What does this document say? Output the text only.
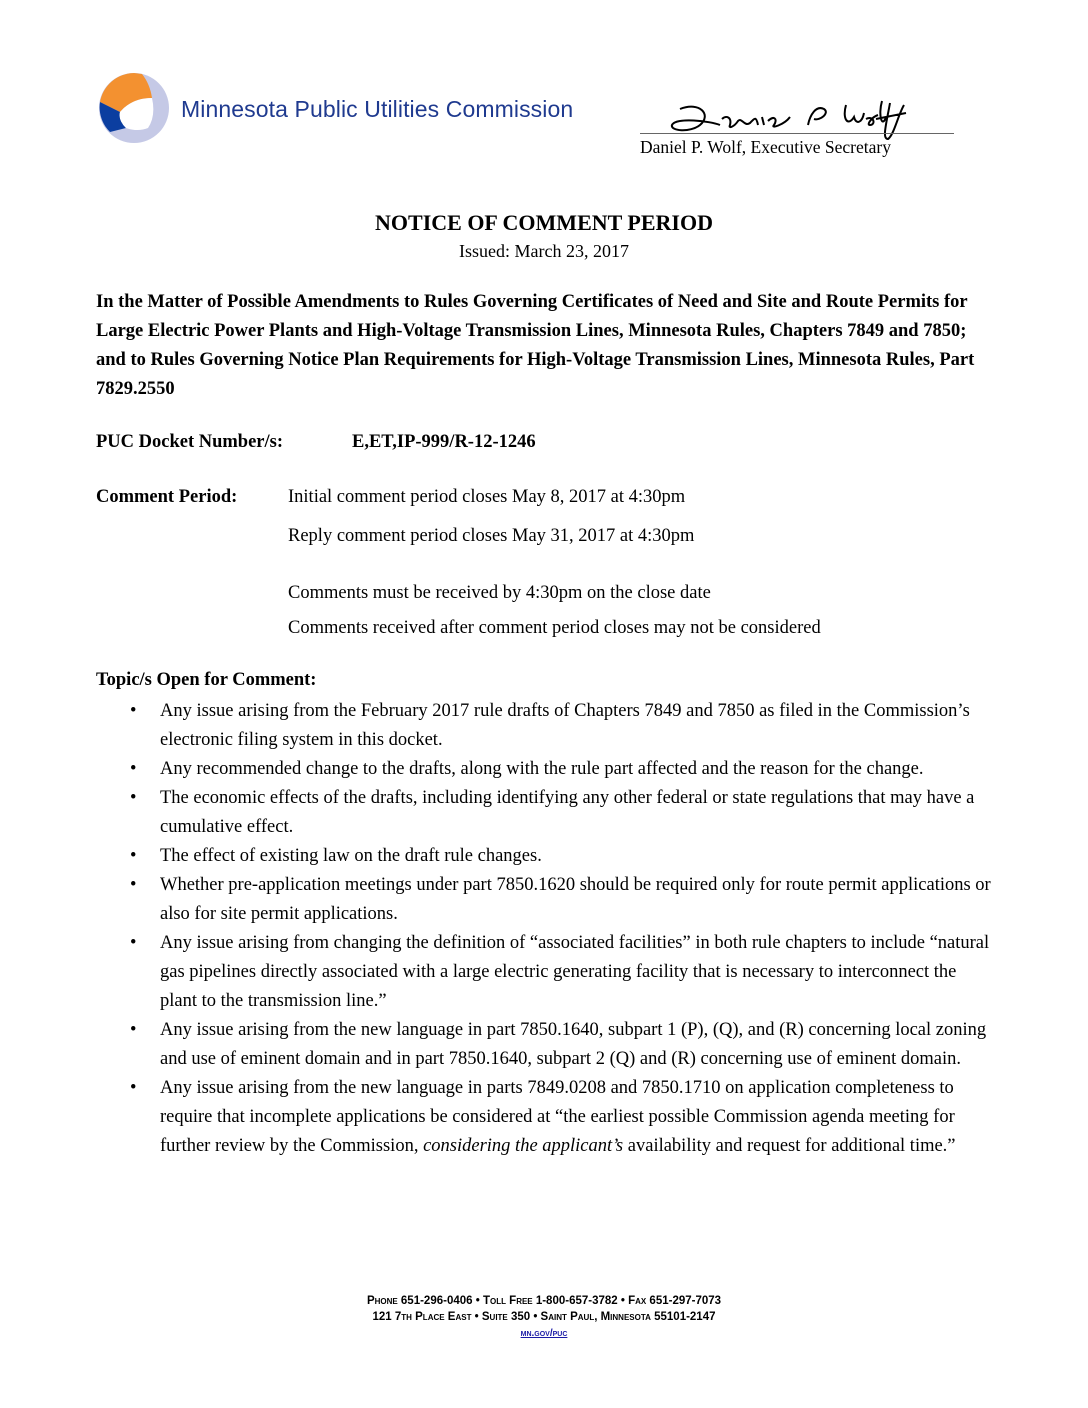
Minnesota Public Utilities Commission
Daniel P. Wolf, Executive Secretary
NOTICE OF COMMENT PERIOD
Issued: March 23, 2017
In the Matter of Possible Amendments to Rules Governing Certificates of Need and Site and Route Permits for Large Electric Power Plants and High-Voltage Transmission Lines, Minnesota Rules, Chapters 7849 and 7850; and to Rules Governing Notice Plan Requirements for High-Voltage Transmission Lines, Minnesota Rules, Part 7829.2550
PUC Docket Number/s:	E,ET,IP-999/R-12-1246
Comment Period:	Initial comment period closes May 8, 2017 at 4:30pm
Reply comment period closes May 31, 2017 at 4:30pm
Comments must be received by 4:30pm on the close date
Comments received after comment period closes may not be considered
Topic/s Open for Comment:
• Any issue arising from the February 2017 rule drafts of Chapters 7849 and 7850 as filed in the Commission’s electronic filing system in this docket.
• Any recommended change to the drafts, along with the rule part affected and the reason for the change.
• The economic effects of the drafts, including identifying any other federal or state regulations that may have a cumulative effect.
• The effect of existing law on the draft rule changes.
• Whether pre-application meetings under part 7850.1620 should be required only for route permit applications or also for site permit applications.
• Any issue arising from changing the definition of “associated facilities” in both rule chapters to include “natural gas pipelines directly associated with a large electric generating facility that is necessary to interconnect the plant to the transmission line.”
• Any issue arising from the new language in part 7850.1640, subpart 1 (P), (Q), and (R) concerning local zoning and use of eminent domain and in part 7850.1640, subpart 2 (Q) and (R) concerning use of eminent domain.
• Any issue arising from the new language in parts 7849.0208 and 7850.1710 on application completeness to require that incomplete applications be considered at “the earliest possible Commission agenda meeting for further review by the Commission, considering the applicant’s availability and request for additional time.”
Phone 651-296-0406 • Toll Free 1-800-657-3782 • Fax 651-297-7073
121 7th Place East • Suite 350 • Saint Paul, Minnesota 55101-2147
mn.gov/puc
